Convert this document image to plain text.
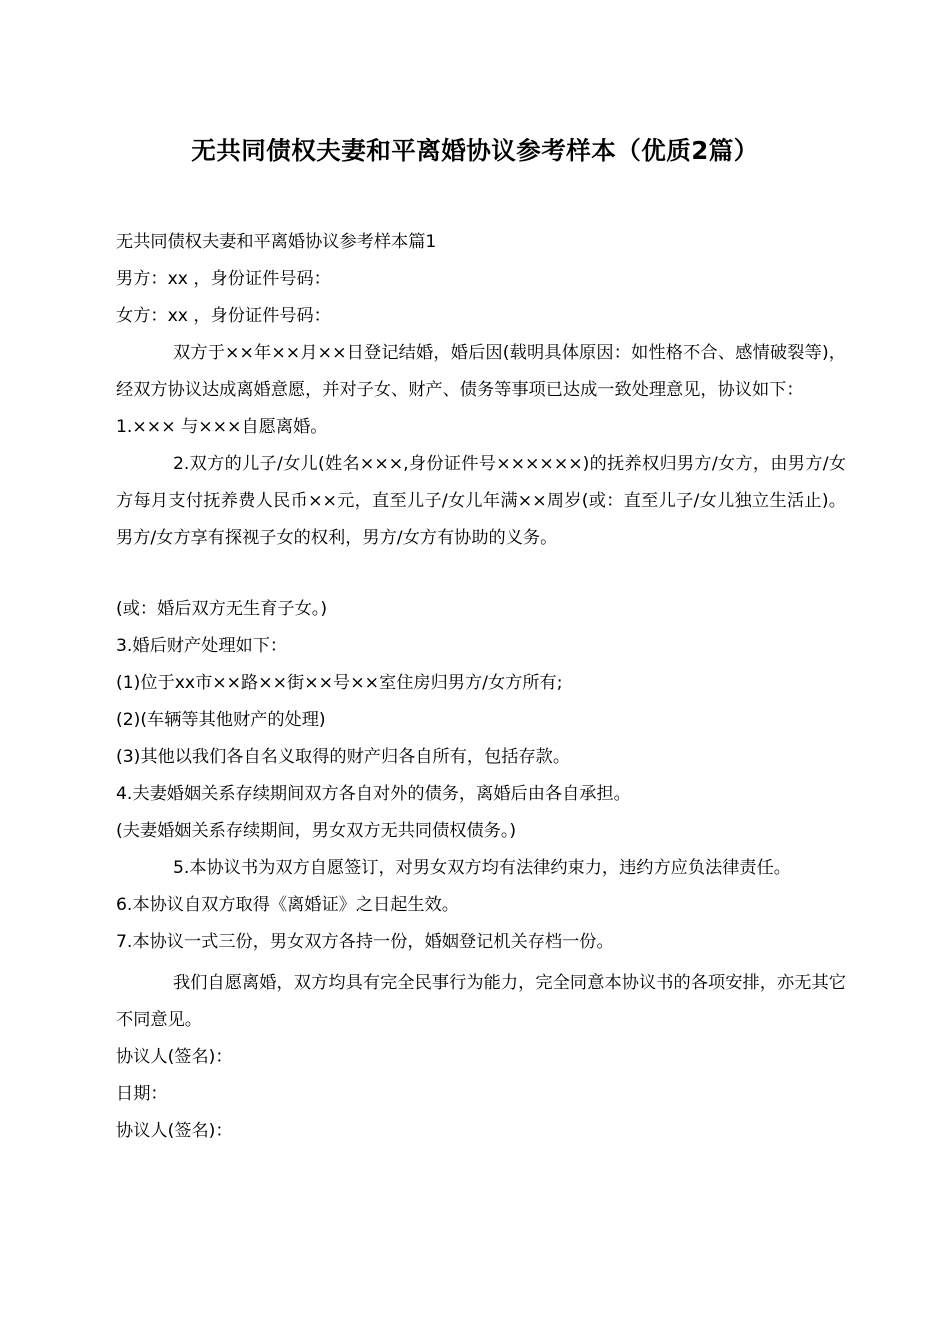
无共同债权夫妻和平离婚协议参考样本（优质2篇）

无共同债权夫妻和平离婚协议参考样本篇1

男方：xx ，身份证件号码：

女方：xx ，身份证件号码：

双方于××年××月××日登记结婚，婚后因(载明具体原因：如性格不合、感情破裂等)，经双方协议达成离婚意愿，并对子女、财产、债务等事项已达成一致处理意见，协议如下：

1.××× 与×××自愿离婚。

2.双方的儿子/女儿(姓名×××,身份证件号××××××)的抚养权归男方/女方，由男方/女方每月支付抚养费人民币××元，直至儿子/女儿年满××周岁(或：直至儿子/女儿独立生活止)。男方/女方享有探视子女的权利，男方/女方有协助的义务。

(或：婚后双方无生育子女。)

3.婚后财产处理如下：

(1)位于xx市××路××街××号××室住房归男方/女方所有;

(2)(车辆等其他财产的处理)

(3)其他以我们各自名义取得的财产归各自所有，包括存款。

4.夫妻婚姻关系存续期间双方各自对外的债务，离婚后由各自承担。

(夫妻婚姻关系存续期间，男女双方无共同债权债务。)

5.本协议书为双方自愿签订，对男女双方均有法律约束力，违约方应负法律责任。

6.本协议自双方取得《离婚证》之日起生效。

7.本协议一式三份，男女双方各持一份，婚姻登记机关存档一份。

我们自愿离婚，双方均具有完全民事行为能力，完全同意本协议书的各项安排，亦无其它不同意见。

协议人(签名)：

日期：

协议人(签名)：
